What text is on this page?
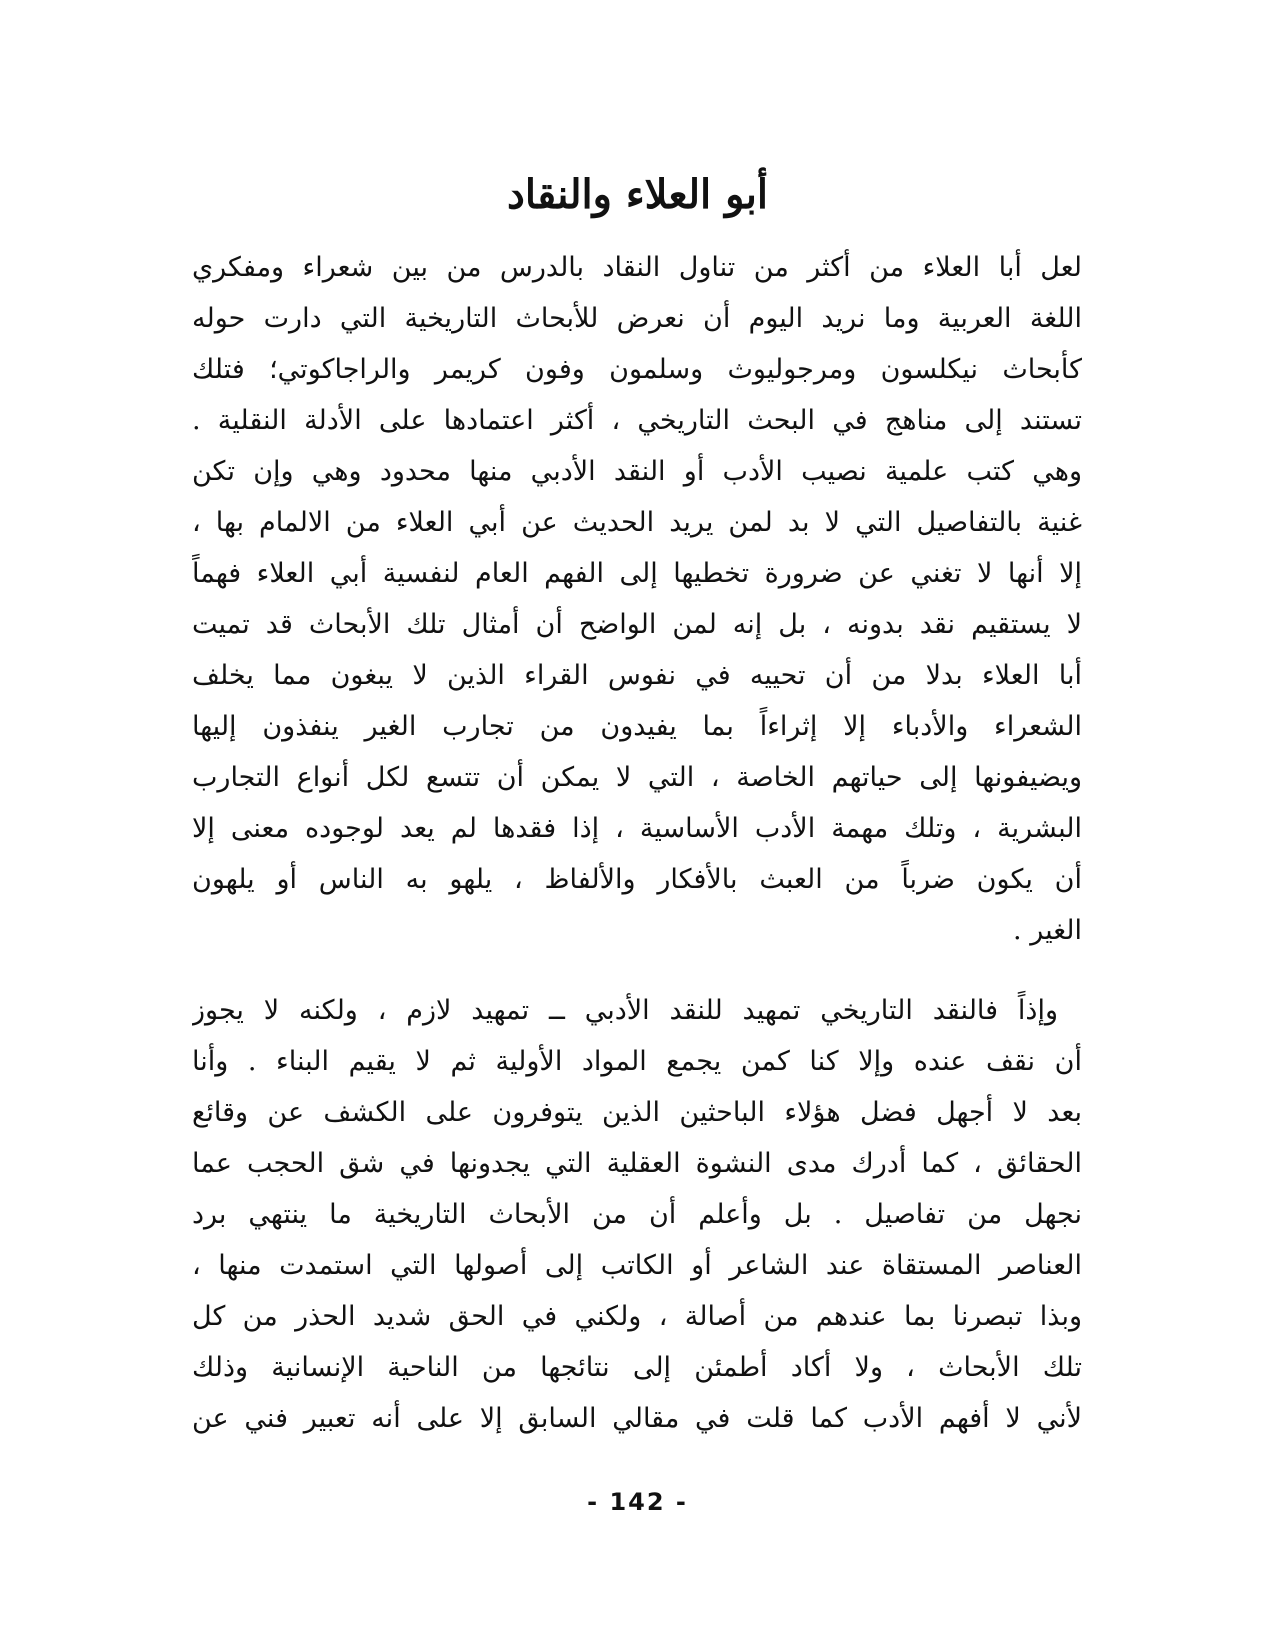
أبو العلاء والنقاد
لعل أبا العلاء من أكثر من تناول النقاد بالدرس من بين شعراء ومفكري
اللغة العربية وما نريد اليوم أن نعرض للأبحاث التاريخية التي دارت حوله
كأبحاث نيكلسون ومرجوليوث وسلمون وفون كريمر والراجاكوتي؛ فتلك
تستند إلى مناهج في البحث التاريخي ، أكثر اعتمادها على الأدلة النقلية .
وهي كتب علمية نصيب الأدب أو النقد الأدبي منها محدود وهي وإن تكن
غنية بالتفاصيل التي لا بد لمن يريد الحديث عن أبي العلاء من الالمام بها ،
إلا أنها لا تغني عن ضرورة تخطيها إلى الفهم العام لنفسية أبي العلاء فهماً
لا يستقيم نقد بدونه ، بل إنه لمن الواضح أن أمثال تلك الأبحاث قد تميت
أبا العلاء بدلا من أن تحييه في نفوس القراء الذين لا يبغون مما يخلف
الشعراء والأدباء إلا إثراءاً بما يفيدون من تجارب الغير ينفذون إليها
ويضيفونها إلى حياتهم الخاصة ، التي لا يمكن أن تتسع لكل أنواع التجارب
البشرية ، وتلك مهمة الأدب الأساسية ، إذا فقدها لم يعد لوجوده معنى إلا
أن يكون ضرباً من العبث بالأفكار والألفاظ ، يلهو به الناس أو يلهون
الغير .
وإذاً فالنقد التاريخي تمهيد للنقد الأدبي ــ تمهيد لازم ، ولكنه لا يجوز
أن نقف عنده وإلا كنا كمن يجمع المواد الأولية ثم لا يقيم البناء . وأنا
بعد لا أجهل فضل هؤلاء الباحثين الذين يتوفرون على الكشف عن وقائع
الحقائق ، كما أدرك مدى النشوة العقلية التي يجدونها في شق الحجب عما
نجهل من تفاصيل . بل وأعلم أن من الأبحاث التاريخية ما ينتهي برد
العناصر المستقاة عند الشاعر أو الكاتب إلى أصولها التي استمدت منها ،
وبذا تبصرنا بما عندهم من أصالة ، ولكني في الحق شديد الحذر من كل
تلك الأبحاث ، ولا أكاد أطمئن إلى نتائجها من الناحية الإنسانية وذلك
لأني لا أفهم الأدب كما قلت في مقالي السابق إلا على أنه تعبير فني عن
- 142 -
